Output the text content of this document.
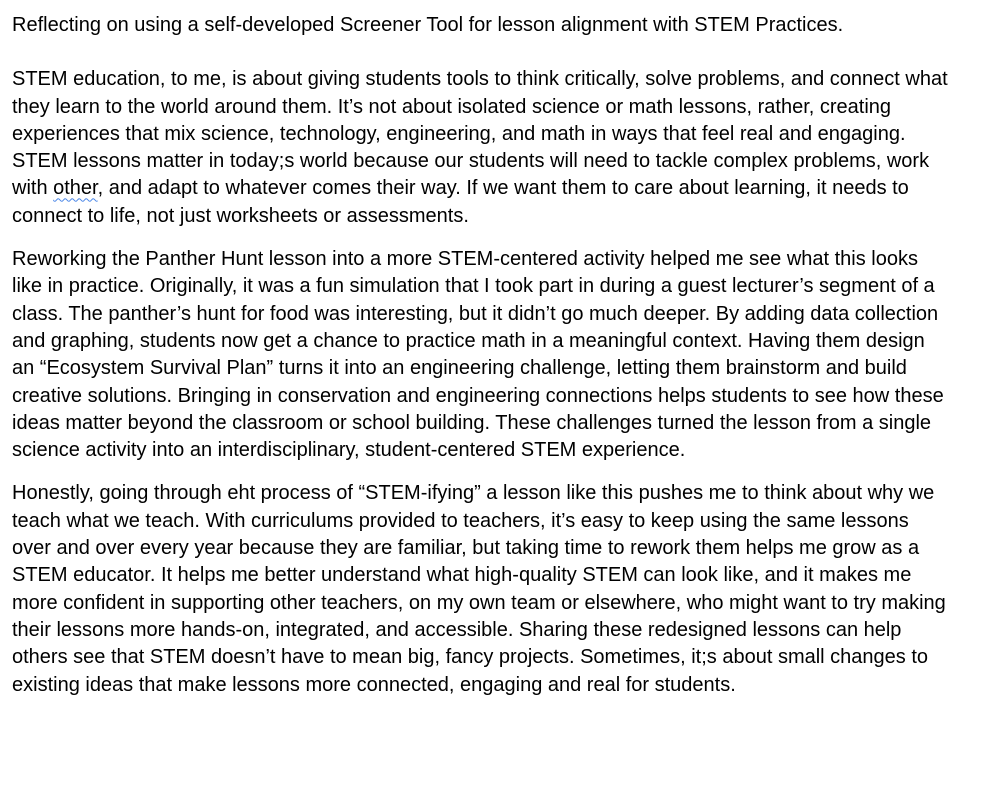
Reflecting on using a self-developed Screener Tool for lesson alignment with STEM Practices.

STEM education, to me, is about giving students tools to think critically, solve problems, and connect what they learn to the world around them. It’s not about isolated science or math lessons, rather, creating experiences that mix science, technology, engineering, and math in ways that feel real and engaging. STEM lessons matter in today;s world because our students will need to tackle complex problems, work with other, and adapt to whatever comes their way. If we want them to care about learning, it needs to connect to life, not just worksheets or assessments.

Reworking the Panther Hunt lesson into a more STEM-centered activity helped me see what this looks like in practice. Originally, it was a fun simulation that I took part in during a guest lecturer’s segment of a class. The panther’s hunt for food was interesting, but it didn’t go much deeper. By adding data collection and graphing, students now get a chance to practice math in a meaningful context. Having them design an “Ecosystem Survival Plan” turns it into an engineering challenge, letting them brainstorm and build creative solutions. Bringing in conservation and engineering connections helps students to see how these ideas matter beyond the classroom or school building. These challenges turned the lesson from a single science activity into an interdisciplinary, student-centered STEM experience.

Honestly, going through eht process of “STEM-ifying” a lesson like this pushes me to think about why we teach what we teach. With curriculums provided to teachers, it’s easy to keep using the same lessons over and over every year because they are familiar, but taking time to rework them helps me grow as a STEM educator. It helps me better understand what high-quality STEM can look like, and it makes me more confident in supporting other teachers, on my own team or elsewhere, who might want to try making their lessons more hands-on, integrated, and accessible. Sharing these redesigned lessons can help others see that STEM doesn’t have to mean big, fancy projects. Sometimes, it;s about small changes to existing ideas that make lessons more connected, engaging and real for students.
